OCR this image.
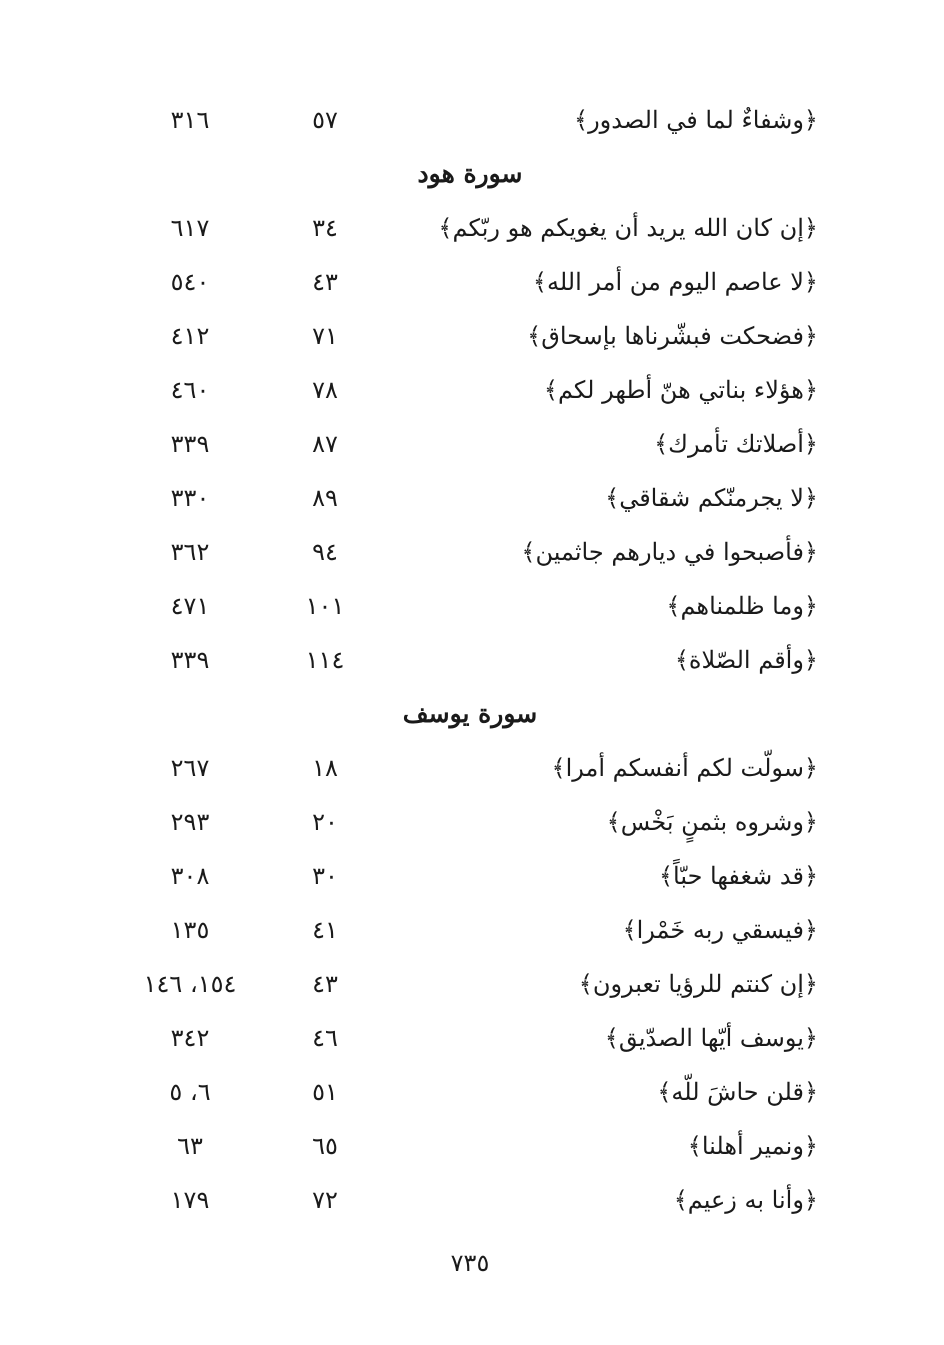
٧٣٥
﴿وشفاءٌ لما في الصدور﴾
٥٧
٣١٦
سورة هود
﴿إن كان الله يريد أن يغويكم هو ربّكم﴾
٣٤
٦١٧
﴿لا عاصم اليوم من أمر الله﴾
٤٣
٥٤٠
﴿فضحكت فبشّرناها بإسحاق﴾
٧١
٤١٢
﴿هؤلاء بناتي هنّ أطهر لكم﴾
٧٨
٤٦٠
﴿أصلاتك تأمرك﴾
٨٧
٣٣٩
﴿لا يجرمنّكم شقاقي﴾
٨٩
٣٣٠
﴿فأصبحوا في ديارهم جاثمين﴾
٩٤
٣٦٢
﴿وما ظلمناهم﴾
١٠١
٤٧١
﴿وأقم الصّلاة﴾
١١٤
٣٣٩
سورة يوسف
﴿سولّت لكم أنفسكم أمرا﴾
١٨
٢٦٧
﴿وشروه بثمنٍ بَخْس﴾
٢٠
٢٩٣
﴿قد شغفها حبّاً﴾
٣٠
٣٠٨
﴿فيسقي ربه خَمْرا﴾
٤١
١٣٥
﴿إن كنتم للرؤيا تعبرون﴾
٤٣
١٥٤، ١٤٦
﴿يوسف أيّها الصدّيق﴾
٤٦
٣٤٢
﴿قلن حاشَ للّه﴾
٥١
٦، ٥
﴿ونمير أهلنا﴾
٦٥
٦٣
﴿وأنا به زعيم﴾
٧٢
١٧٩
